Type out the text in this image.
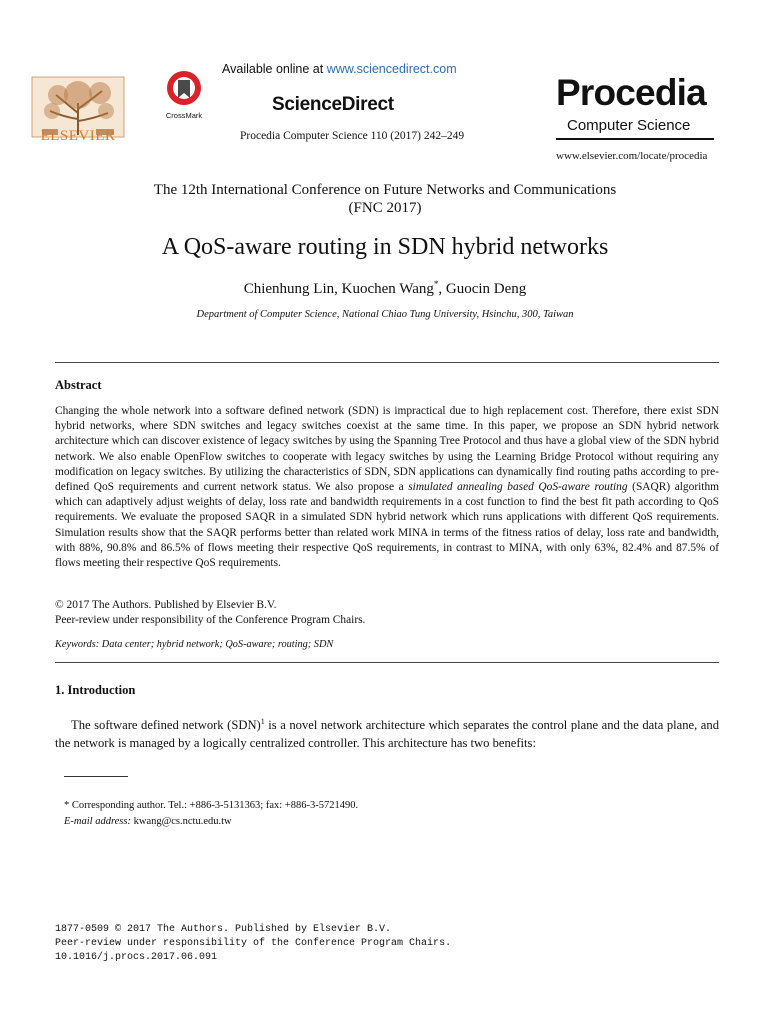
ELSEVIER
CrossMark
Available online at www.sciencedirect.com
ScienceDirect
Procedia Computer Science 110 (2017) 242–249
Procedia
Computer Science
www.elsevier.com/locate/procedia
The 12th International Conference on Future Networks and Communications
(FNC 2017)
A QoS-aware routing in SDN hybrid networks
Chienhung Lin, Kuochen Wang*, Guocin Deng
Department of Computer Science, National Chiao Tung University, Hsinchu, 300, Taiwan
Abstract
Changing the whole network into a software defined network (SDN) is impractical due to high replacement cost. Therefore, there exist SDN hybrid networks, where SDN switches and legacy switches coexist at the same time. In this paper, we propose an SDN hybrid network architecture which can discover existence of legacy switches by using the Spanning Tree Protocol and thus have a global view of the SDN hybrid network. We also enable OpenFlow switches to cooperate with legacy switches by using the Learning Bridge Protocol without requiring any modification on legacy switches. By utilizing the characteristics of SDN, SDN applications can dynamically find routing paths according to pre-defined QoS requirements and current network status. We also propose a simulated annealing based QoS-aware routing (SAQR) algorithm which can adaptively adjust weights of delay, loss rate and bandwidth requirements in a cost function to find the best fit path according to QoS requirements. We evaluate the proposed SAQR in a simulated SDN hybrid network which runs applications with different QoS requirements. Simulation results show that the SAQR performs better than related work MINA in terms of the fitness ratios of delay, loss rate and bandwidth, with 88%, 90.8% and 86.5% of flows meeting their respective QoS requirements, in contrast to MINA, with only 63%, 82.4% and 87.5% of flows meeting their respective QoS requirements.
© 2017 The Authors. Published by Elsevier B.V.
Peer-review under responsibility of the Conference Program Chairs.
Keywords: Data center; hybrid network; QoS-aware; routing; SDN
1. Introduction
The software defined network (SDN)$^1$ is a novel network architecture which separates the control plane and the data plane, and the network is managed by a logically centralized controller. This architecture has two benefits:
* Corresponding author. Tel.: +886-3-5131363; fax: +886-3-5721490.
E-mail address: kwang@cs.nctu.edu.tw
1877-0509 © 2017 The Authors. Published by Elsevier B.V.
Peer-review under responsibility of the Conference Program Chairs.
10.1016/j.procs.2017.06.091
